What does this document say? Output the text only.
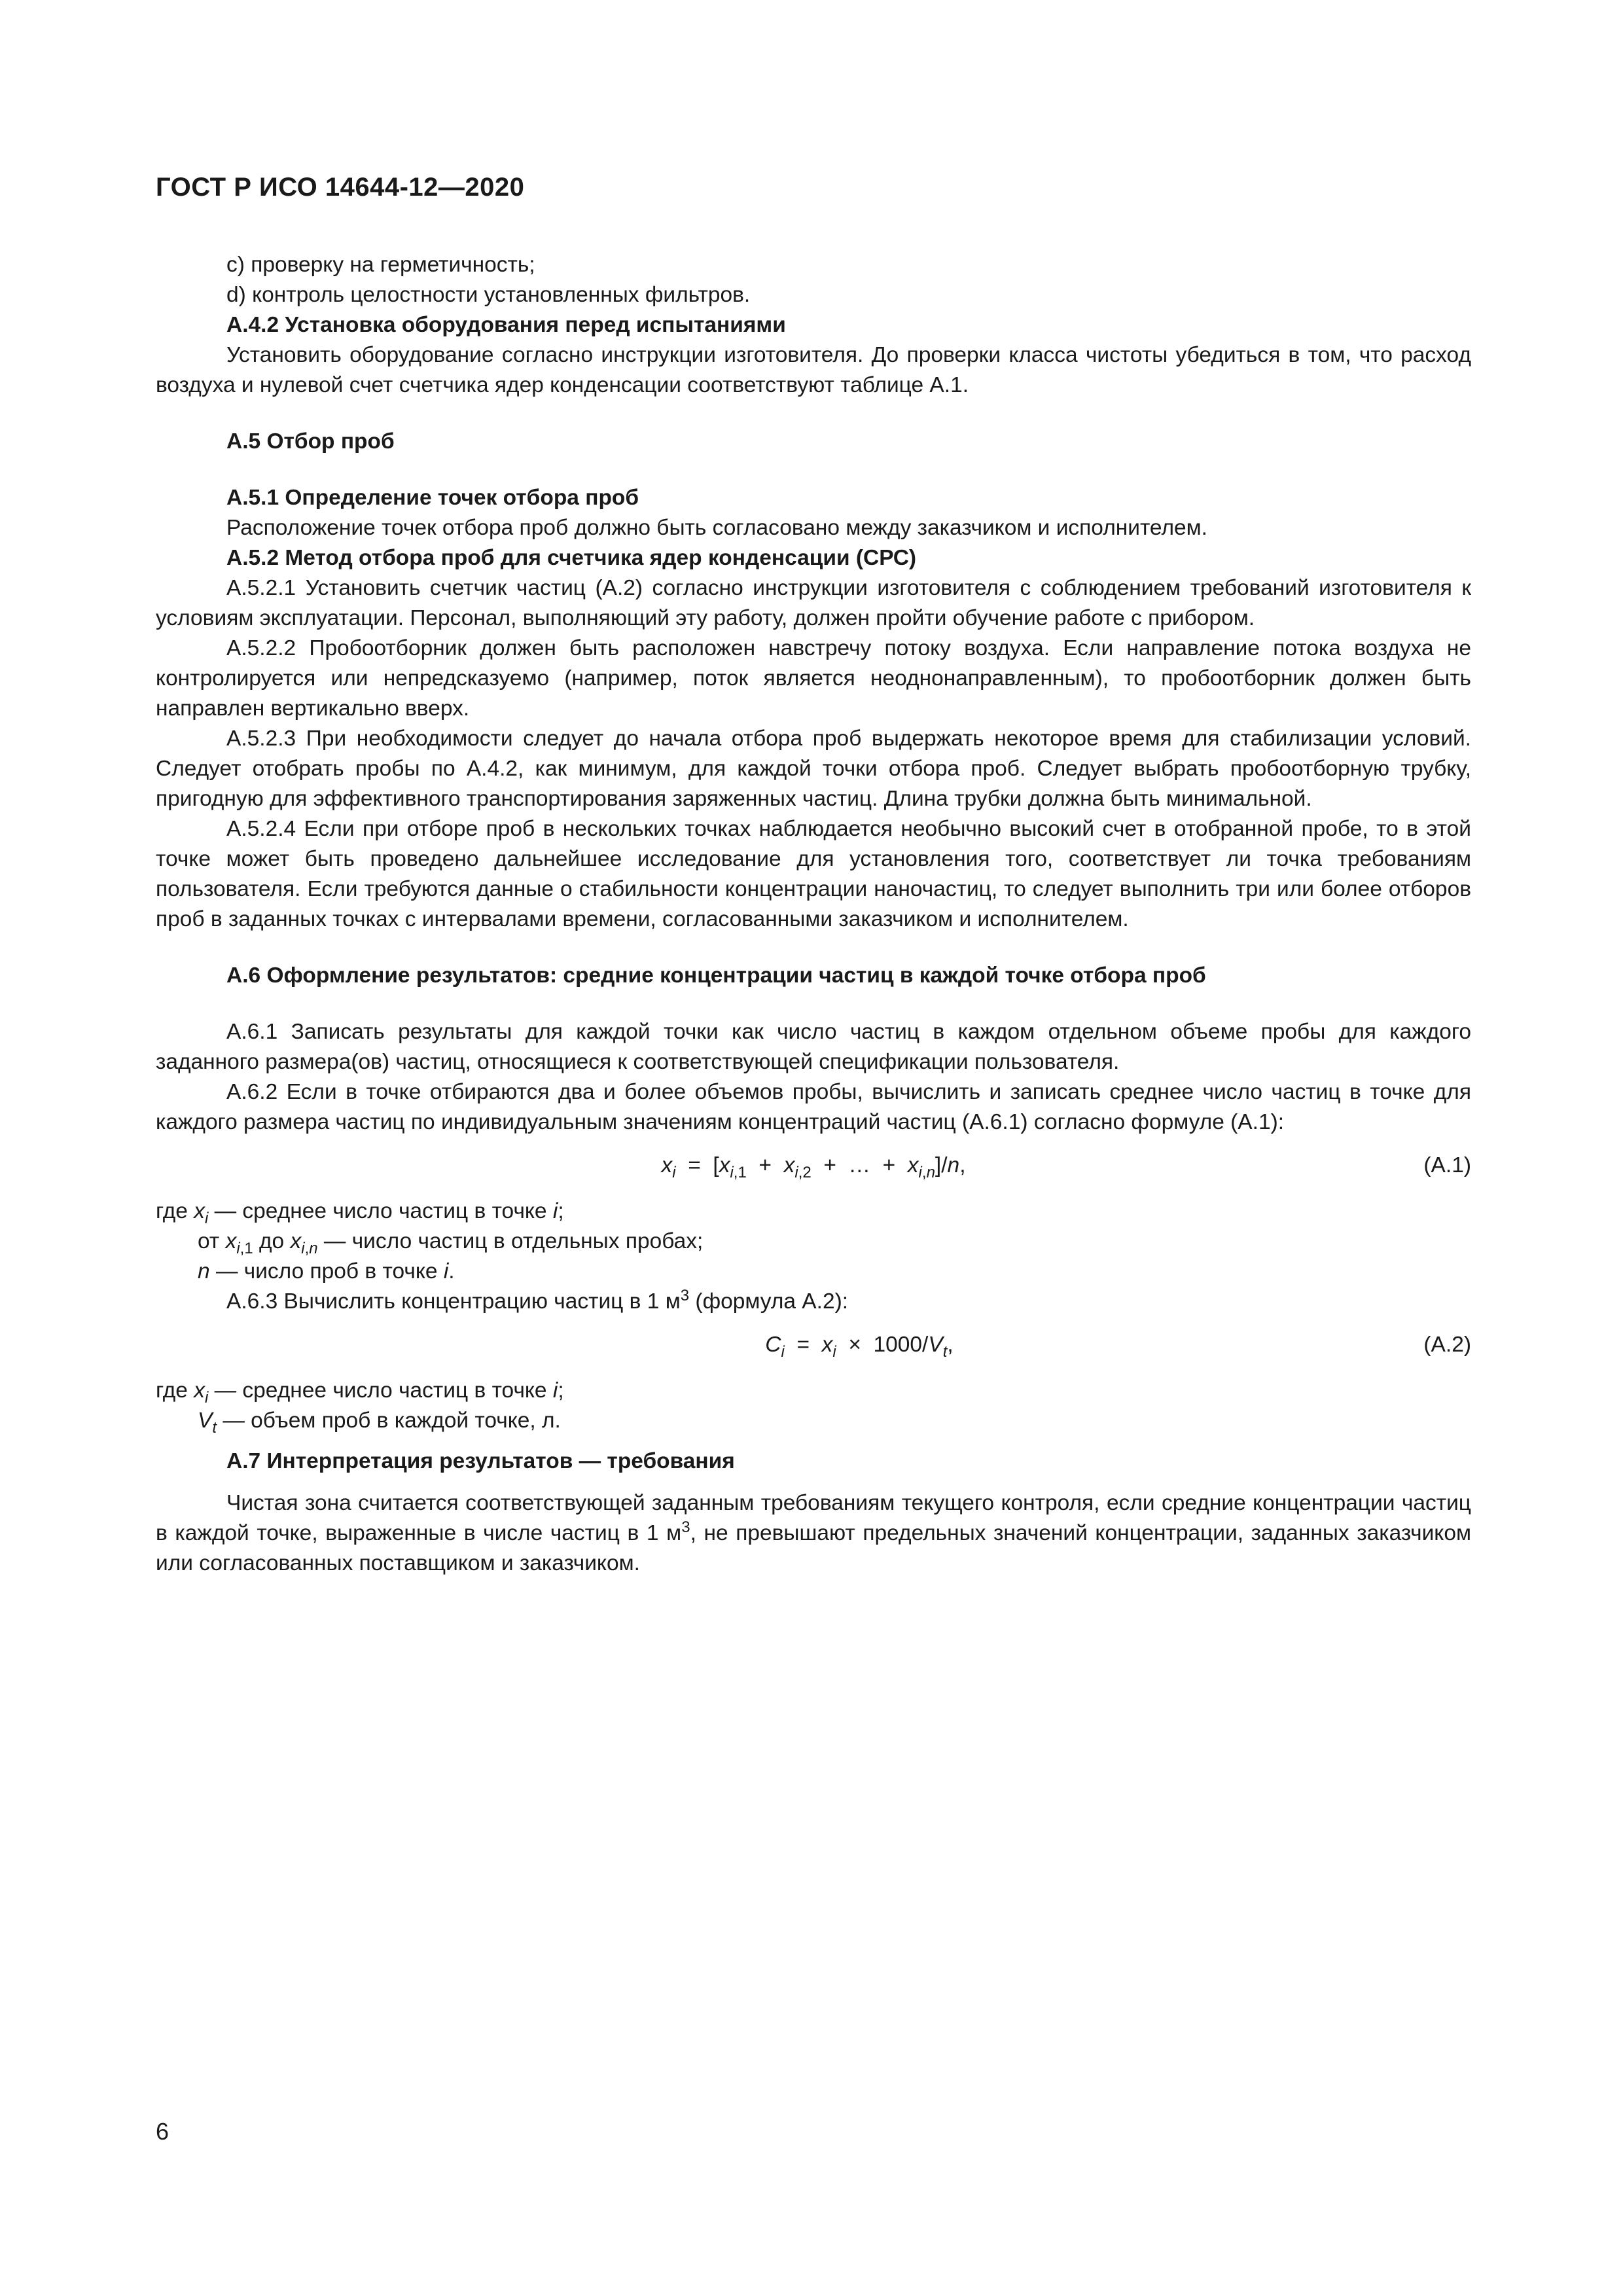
ГОСТ Р ИСО 14644-12—2020

c) проверку на герметичность;

d) контроль целостности установленных фильтров.

А.4.2 Установка оборудования перед испытаниями

Установить оборудование согласно инструкции изготовителя. До проверки класса чистоты убедиться в том, что расход воздуха и нулевой счет счетчика ядер конденсации соответствуют таблице А.1.

А.5 Отбор проб

А.5.1 Определение точек отбора проб

Расположение точек отбора проб должно быть согласовано между заказчиком и исполнителем.

А.5.2 Метод отбора проб для счетчика ядер конденсации (СРС)

А.5.2.1 Установить счетчик частиц (А.2) согласно инструкции изготовителя с соблюдением требований изготовителя к условиям эксплуатации. Персонал, выполняющий эту работу, должен пройти обучение работе с прибором.

А.5.2.2 Пробоотборник должен быть расположен навстречу потоку воздуха. Если направление потока воздуха не контролируется или непредсказуемо (например, поток является неоднонаправленным), то пробоотборник должен быть направлен вертикально вверх.

А.5.2.3 При необходимости следует до начала отбора проб выдержать некоторое время для стабилизации условий. Следует отобрать пробы по А.4.2, как минимум, для каждой точки отбора проб. Следует выбрать пробоотборную трубку, пригодную для эффективного транспортирования заряженных частиц. Длина трубки должна быть минимальной.

А.5.2.4 Если при отборе проб в нескольких точках наблюдается необычно высокий счет в отобранной пробе, то в этой точке может быть проведено дальнейшее исследование для установления того, соответствует ли точка требованиям пользователя. Если требуются данные о стабильности концентрации наночастиц, то следует выполнить три или более отборов проб в заданных точках с интервалами времени, согласованными заказчиком и исполнителем.

А.6 Оформление результатов: средние концентрации частиц в каждой точке отбора проб

А.6.1 Записать результаты для каждой точки как число частиц в каждом отдельном объеме пробы для каждого заданного размера(ов) частиц, относящиеся к соответствующей спецификации пользователя.

А.6.2 Если в точке отбираются два и более объемов пробы, вычислить и записать среднее число частиц в точке для каждого размера частиц по индивидуальным значениям концентраций частиц (А.6.1) согласно формуле (А.1):

$x_i = [x_{i,1} + x_{i,2}$  +  …  +  $x_{i,n}]/n$,	(А.1)

где $x_i$ — среднее число частиц в точке i;

от $x_{i,1}$ до $x_{i,n}$ — число частиц в отдельных пробах;

n — число проб в точке i.

А.6.3 Вычислить концентрацию частиц в 1 $м^3$ (формула А.2):

$C_i = x_i \times 1000/V_t$,	(А.2)

где $x_i$ — среднее число частиц в точке i;

$V_t$ — объем проб в каждой точке, л.

А.7 Интерпретация результатов — требования

Чистая зона считается соответствующей заданным требованиям текущего контроля, если средние концентрации частиц в каждой точке, выраженные в числе частиц в 1 $м^3$, не превышают предельных значений концентрации, заданных заказчиком или согласованных поставщиком и заказчиком.

6
